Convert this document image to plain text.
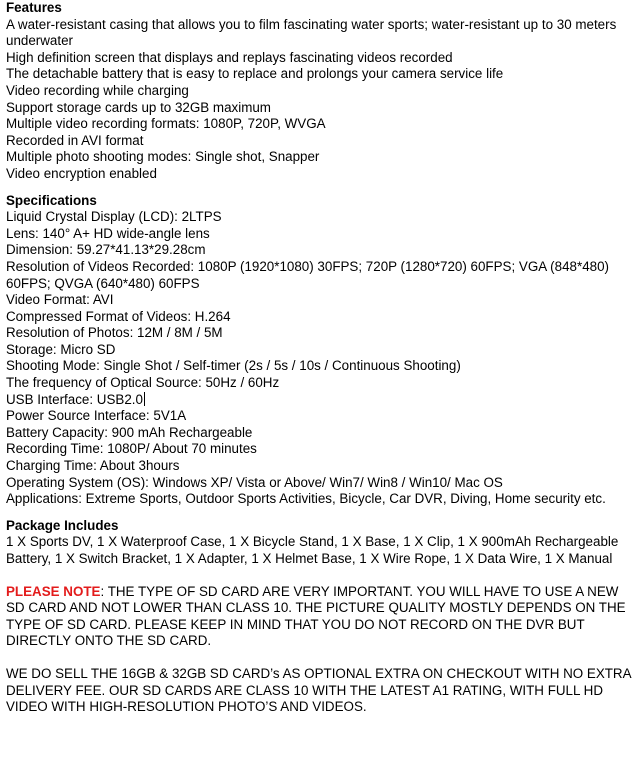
Features

A water-resistant casing that allows you to film fascinating water sports; water-resistant up to 30 meters underwater

High definition screen that displays and replays fascinating videos recorded

The detachable battery that is easy to replace and prolongs your camera service life

Video recording while charging

Support storage cards up to 32GB maximum

Multiple video recording formats: 1080P, 720P, WVGA

Recorded in AVI format

Multiple photo shooting modes: Single shot, Snapper

Video encryption enabled

Specifications

Liquid Crystal Display (LCD): 2LTPS

Lens: 140° A+ HD wide-angle lens

Dimension: 59.27*41.13*29.28cm

Resolution of Videos Recorded: 1080P (1920*1080) 30FPS; 720P (1280*720) 60FPS; VGA (848*480) 60FPS; QVGA (640*480) 60FPS

Video Format: AVI

Compressed Format of Videos: H.264

Resolution of Photos: 12M / 8M / 5M

Storage: Micro SD

Shooting Mode: Single Shot / Self-timer (2s / 5s / 10s / Continuous Shooting)

The frequency of Optical Source: 50Hz / 60Hz

USB Interface: USB2.0

Power Source Interface: 5V1A

Battery Capacity: 900 mAh Rechargeable

Recording Time: 1080P/ About 70 minutes

Charging Time: About 3hours

Operating System (OS): Windows XP/ Vista or Above/ Win7/ Win8 / Win10/ Mac OS

Applications: Extreme Sports, Outdoor Sports Activities, Bicycle, Car DVR, Diving, Home security etc.

Package Includes

1 X Sports DV, 1 X Waterproof Case, 1 X Bicycle Stand, 1 X Base, 1 X Clip, 1 X 900mAh Rechargeable Battery, 1 X Switch Bracket, 1 X Adapter, 1 X Helmet Base, 1 X Wire Rope, 1 X Data Wire, 1 X Manual

PLEASE NOTE: THE TYPE OF SD CARD ARE VERY IMPORTANT. YOU WILL HAVE TO USE A NEW SD CARD AND NOT LOWER THAN CLASS 10. THE PICTURE QUALITY MOSTLY DEPENDS ON THE TYPE OF SD CARD. PLEASE KEEP IN MIND THAT YOU DO NOT RECORD ON THE DVR BUT DIRECTLY ONTO THE SD CARD.

WE DO SELL THE 16GB & 32GB SD CARD’s AS OPTIONAL EXTRA ON CHECKOUT WITH NO EXTRA DELIVERY FEE. OUR SD CARDS ARE CLASS 10 WITH THE LATEST A1 RATING, WITH FULL HD VIDEO WITH HIGH-RESOLUTION PHOTO’S AND VIDEOS.
